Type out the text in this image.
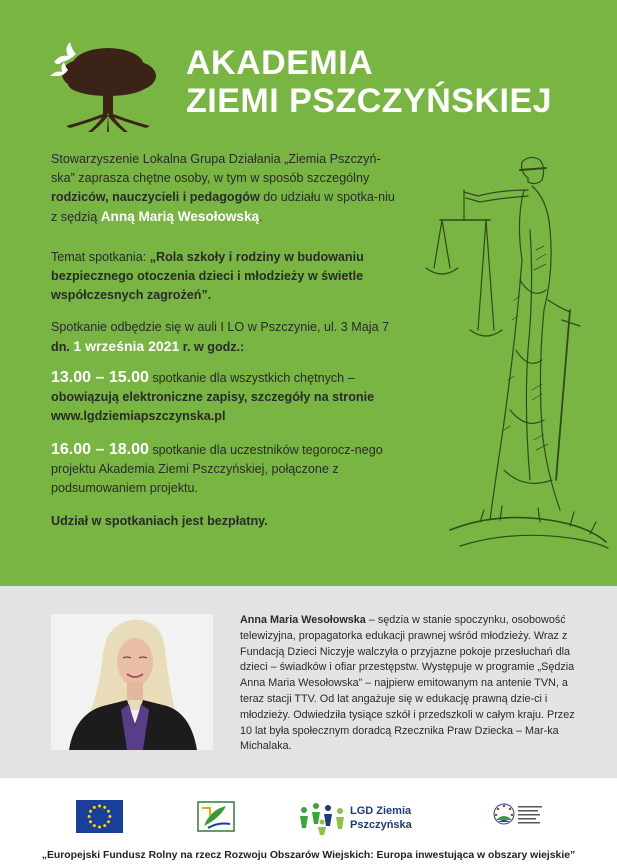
AKADEMIA
ZIEMI PSZCZYŃSKIEJ

Stowarzyszenie Lokalna Grupa Działania „Ziemia Pszczyń-ska” zaprasza chętne osoby, w tym w sposób szczególny rodziców, nauczycieli i pedagogów do udziału w spotka-niu z sędzią Anną Marią Wesołowską.

Temat spotkania: „Rola szkoły i rodziny w budowaniu bezpiecznego otoczenia dzieci i młodzieży w świetle współczesnych zagrożeń”.

Spotkanie odbędzie się w auli I LO w Pszczynie, ul. 3 Maja 7
dn. 1 września 2021 r. w godz.:

13.00 – 15.00 spotkanie dla wszystkich chętnych – obowiązują elektroniczne zapisy, szczegóły na stronie www.lgdziemiapszczynska.pl

16.00 – 18.00 spotkanie dla uczestników tegorocz-nego projektu Akademia Ziemi Pszczyńskiej, połączone z podsumowaniem projektu.

Udział w spotkaniach jest bezpłatny.

Anna Maria Wesołowska – sędzia w stanie spoczynku, osobowość telewizyjna, propagatorka edukacji prawnej wśród młodzieży. Wraz z Fundacją Dzieci Niczyje walczyła o przyjazne pokoje przesłuchań dla dzieci – świadków i ofiar przestępstw. Występuje w programie „Sędzia Anna Maria Wesołowska” – najpierw emitowanym na antenie TVN, a teraz stacji TTV. Od lat angażuje się w edukację prawną dzie-ci i młodzieży. Odwiedziła tysiące szkół i przedszkoli w całym kraju. Przez 10 lat była społecznym doradcą Rzecznika Praw Dziecka – Mar-ka Michalaka.

LGD Ziemia
Pszczyńska
„Europejski Fundusz Rolny na rzecz Rozwoju Obszarów Wiejskich: Europa inwestująca w obszary wiejskie”
